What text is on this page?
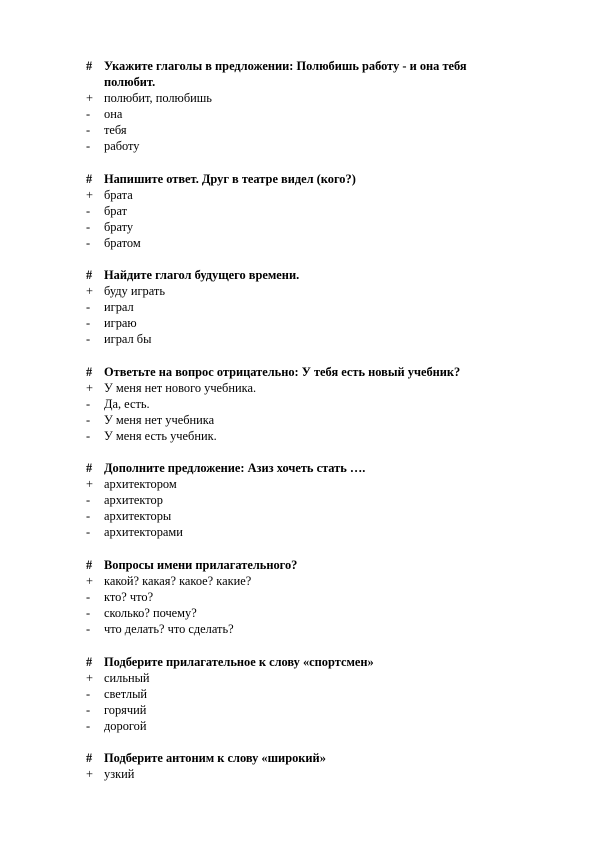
# Укажите глаголы в предложении: Полюбишь работу - и она тебя
полюбит.
+ полюбит, полюбишь
-	она
-	тебя
-	работу
# Напишите ответ. Друг в театре видел (кого?)
+ брата
-	брат
-	брату
-	братом
# Найдите глагол будущего времени.
+ буду играть
-	играл
-	играю
-	играл бы
# Ответьте на вопрос отрицательно: У тебя есть новый учебник?
+ У меня нет нового учебника.
-	Да, есть.
-	У меня нет учебника
-	У меня есть учебник.
# Дополните предложение: Азиз хочеть стать ….
+ архитектором
-	архитектор
-	архитекторы
-	архитекторами
# Вопросы имени прилагательного?
+ какой? какая? какое? какие?
-	кто? что?
-	сколько? почему?
-	что делать? что сделать?
# Подберите прилагательное к слову «спортсмен»
+ сильный
-	светлый
-	горячий
-	дорогой
# Подберите антоним к слову «широкий»
+ узкий
